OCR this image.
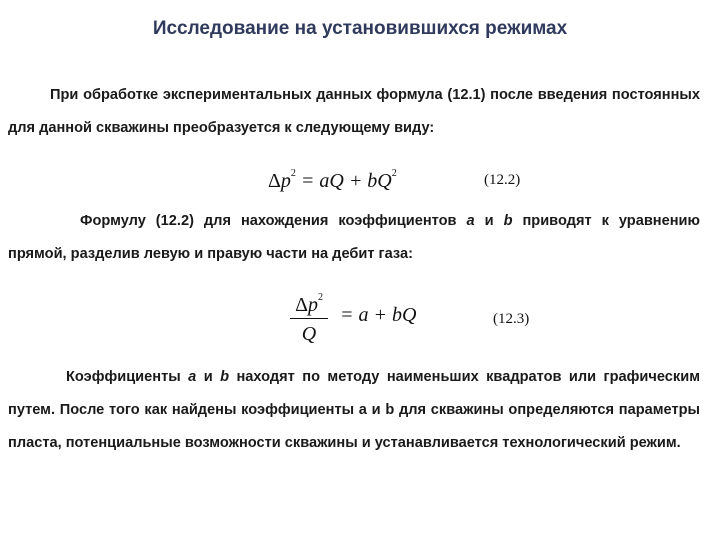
Исследование на установившихся режимах
При обработке экспериментальных данных формула (12.1) после введения постоянных для данной скважины преобразуется к следующему виду:
$\Delta p^2$ = aQ + $bQ^2$	(12.2)
Формулу (12.2) для нахождения коэффициентов a и b приводят к уравнению прямой, разделив левую и правую части на дебит газа:
$\Delta p^2$
Q
= a + bQ	(12.3)
Коэффициенты a и b находят по методу наименьших квадратов или графическим путем. После того как найдены коэффициенты a и b для скважины определяются параметры пласта, потенциальные возможности скважины и устанавливается технологический режим.
